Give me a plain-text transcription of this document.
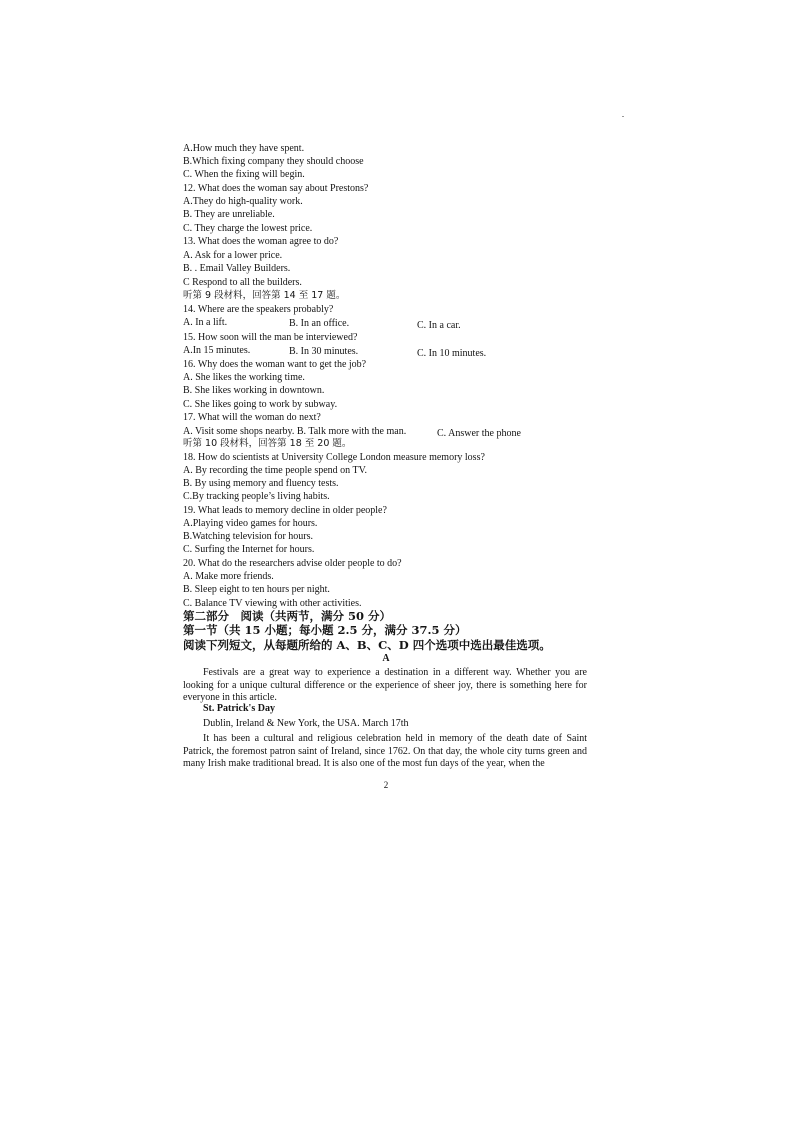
A.How much they have spent.
B.Which fixing company they should choose
C. When the fixing will begin.
12. What does the woman say about Prestons?
A.They do high-quality work.
B. They are unreliable.
C. They charge the lowest price.
13. What does the woman agree to do?
A. Ask for a lower price.
B. . Email Valley Builders.
C Respond to all the builders.
听第 9 段材料，回答第 14 至 17 题。
14. Where are the speakers probably?
A. In a lift.	B. In an office.	C. In a car.
15. How soon will the man be interviewed?
A.In 15 minutes.	B. In 30 minutes.	C. In 10 minutes.
16. Why does the woman want to get the job?
A. She likes the working time.
B. She likes working in downtown.
C. She likes going to work by subway.
17. What will the woman do next?
A. Visit some shops nearby. B. Talk more with the man.	C. Answer the phone
听第 10 段材料，回答第 18 至 20 题。
18. How do scientists at University College London measure memory loss?
A. By recording the time people spend on TV.
B. By using memory and fluency tests.
C.By tracking people’s living habits.
19. What leads to memory decline in older people?
A.Playing video games for hours.
B.Watching television for hours.
C. Surfing the Internet for hours.
20. What do the researchers advise older people to do?
A. Make more friends.
B. Sleep eight to ten hours per night.
C. Balance TV viewing with other activities.
第二部分　阅读（共两节，满分 50 分）
第一节（共 15 小题；每小题 2.5 分，满分 37.5 分）
阅读下列短文，从每题所给的 A、B、C、D 四个选项中选出最佳选项。
A
Festivals are a great way to experience a destination in a different way. Whether you are looking for a unique cultural difference or the experience of sheer joy, there is something here for everyone in this article.
St. Patrick's Day
Dublin, Ireland & New York, the USA. March 17th
It has been a cultural and religious celebration held in memory of the death date of Saint Patrick, the foremost patron saint of Ireland, since 1762. On that day, the whole city turns green and many Irish make traditional bread. It is also one of the most fun days of the year, when the
2
